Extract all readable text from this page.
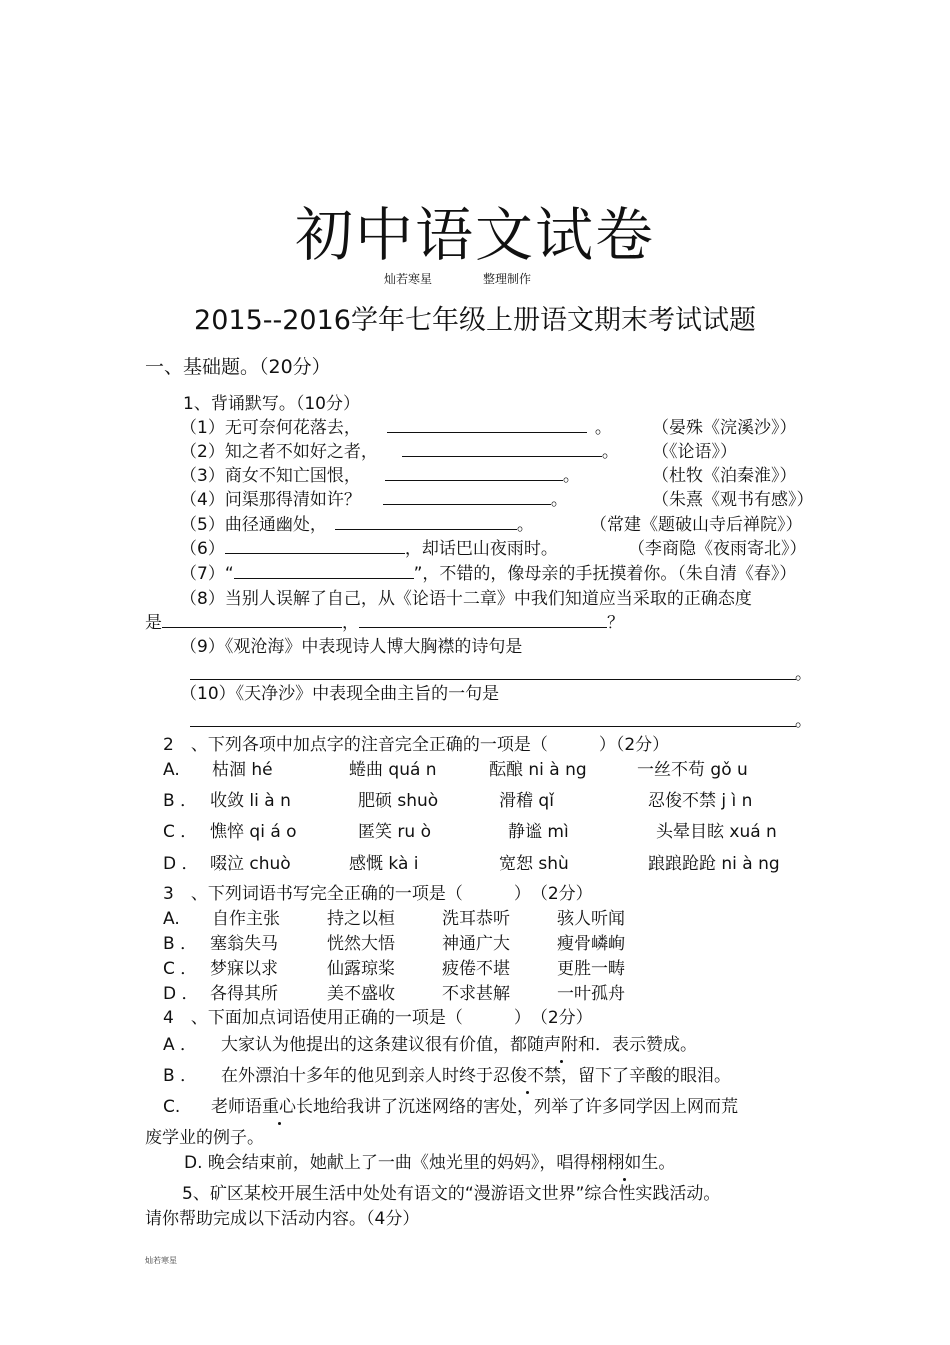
初中语文试卷
灿若寒星	整理制作
2015--2016学年七年级上册语文期末考试试题
一、基础题。（20分）
1、背诵默写。（10分）
（1）无可奈何花落去，	。 （晏殊《浣溪沙》）
（2）知之者不如好之者，	。 （《论语》）
（3）商女不知亡国恨，	。	（杜牧《泊秦淮》）
（4）问渠那得清如许？	。	（朱熹《观书有感》）
（5）曲径通幽处，	。	（常建《题破山寺后禅院》）
（6）	，却话巴山夜雨时。	（李商隐《夜雨寄北》）
（7）“	”，不错的，像母亲的手抚摸着你。（朱自清《春》）
（8）当别人误解了自己，从《论语十二章》中我们知道应当采取的正确态度
是	，	？
（9）《观沧海》中表现诗人博大胸襟的诗句是
。
（10）《天净沙》中表现全曲主旨的一句是
。
2　、下列各项中加点字的注音完全正确的一项是（　　　）（2分）
A. 枯涸 hé	蜷曲 quá n	酝酿 ni à ng	一丝不苟 gǒ u
B ． 收敛 li à n	肥硕 shuò	滑稽 qǐ	忍俊不禁 j ì n
C ． 憔悴 qi á o	匿笑 ru ò	静谧 mì	头晕目眩 xuá n
D ． 啜泣 chuò	感慨 kà i	宽恕 shù	踉踉跄跄 ni à ng
3　、下列词语书写完全正确的一项是（　　　）　（2分）
A. 自作主张	持之以桓	洗耳恭听	骇人听闻
B ． 塞翁失马	恍然大悟	神通广大	瘦骨嶙峋
C ． 梦寐以求	仙露琼桨	疲倦不堪	更胜一畴
D ． 各得其所	美不盛收	不求甚解	一叶孤舟
4　、下面加点词语使用正确的一项是（　　　）　（2分）
A ． 大家认为他提出的这条建议很有价值，都随声附和．表示赞成。
B ． 在外漂泊十多年的他见到亲人时终于忍俊不禁，留下了辛酸的眼泪。
C. 老师语重心长地给我讲了沉迷网络的害处，列举了许多同学因上网而荒
废学业的例子。
D. 晚会结束前，她献上了一曲《烛光里的妈妈》，唱得栩栩如生。
5、矿区某校开展生活中处处有语文的“漫游语文世界”综合性实践活动。
请你帮助完成以下活动内容。（4分）
灿若寒星
